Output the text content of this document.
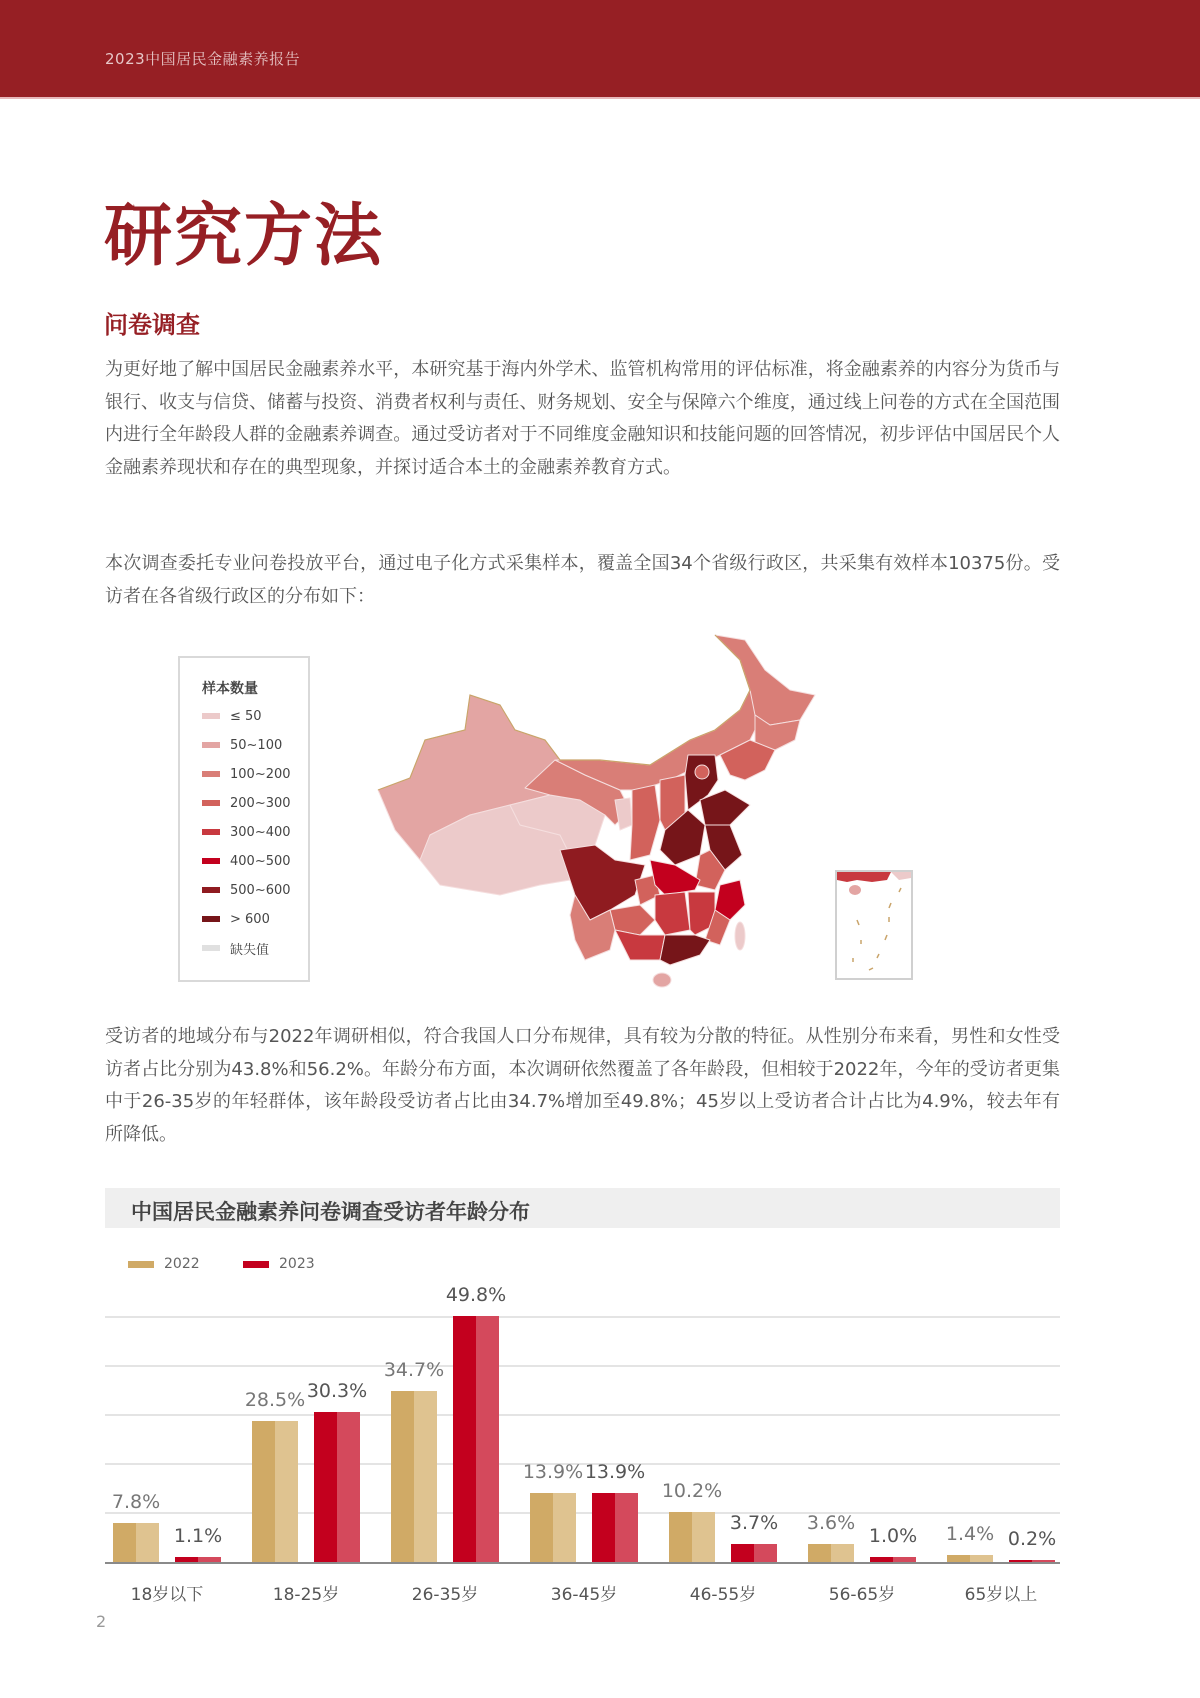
2023中国居民金融素养报告
研究方法
问卷调查
为更好地了解中国居民金融素养水平，本研究基于海内外学术、监管机构常用的评估标准，将金融素养的内容分为货币与银行、收支与信贷、储蓄与投资、消费者权利与责任、财务规划、安全与保障六个维度，通过线上问卷的方式在全国范围内进行全年龄段人群的金融素养调查。通过受访者对于不同维度金融知识和技能问题的回答情况，初步评估中国居民个人金融素养现状和存在的典型现象，并探讨适合本土的金融素养教育方式。
本次调查委托专业问卷投放平台，通过电子化方式采集样本，覆盖全国34个省级行政区，共采集有效样本10375份。受访者在各省级行政区的分布如下：
样本数量
≤ 50
50~100
100~200
200~300
300~400
400~500
500~600
> 600
缺失值
受访者的地域分布与2022年调研相似，符合我国人口分布规律，具有较为分散的特征。从性别分布来看，男性和女性受访者占比分别为43.8%和56.2%。年龄分布方面，本次调研依然覆盖了各年龄段，但相较于2022年，今年的受访者更集中于26-35岁的年轻群体，该年龄段受访者占比由34.7%增加至49.8%；45岁以上受访者合计占比为4.9%，较去年有所降低。
中国居民金融素养问卷调查受访者年龄分布
2022	2023
7.8%
1.1%
28.5% 30.3%
34.7%
49.8%
13.9% 13.9%
10.2%
3.7%	3.6%
1.0%	1.4% 0.2%
2
18岁以下	18-25岁	26-35岁	36-45岁	46-55岁	56-65岁	65岁以上
